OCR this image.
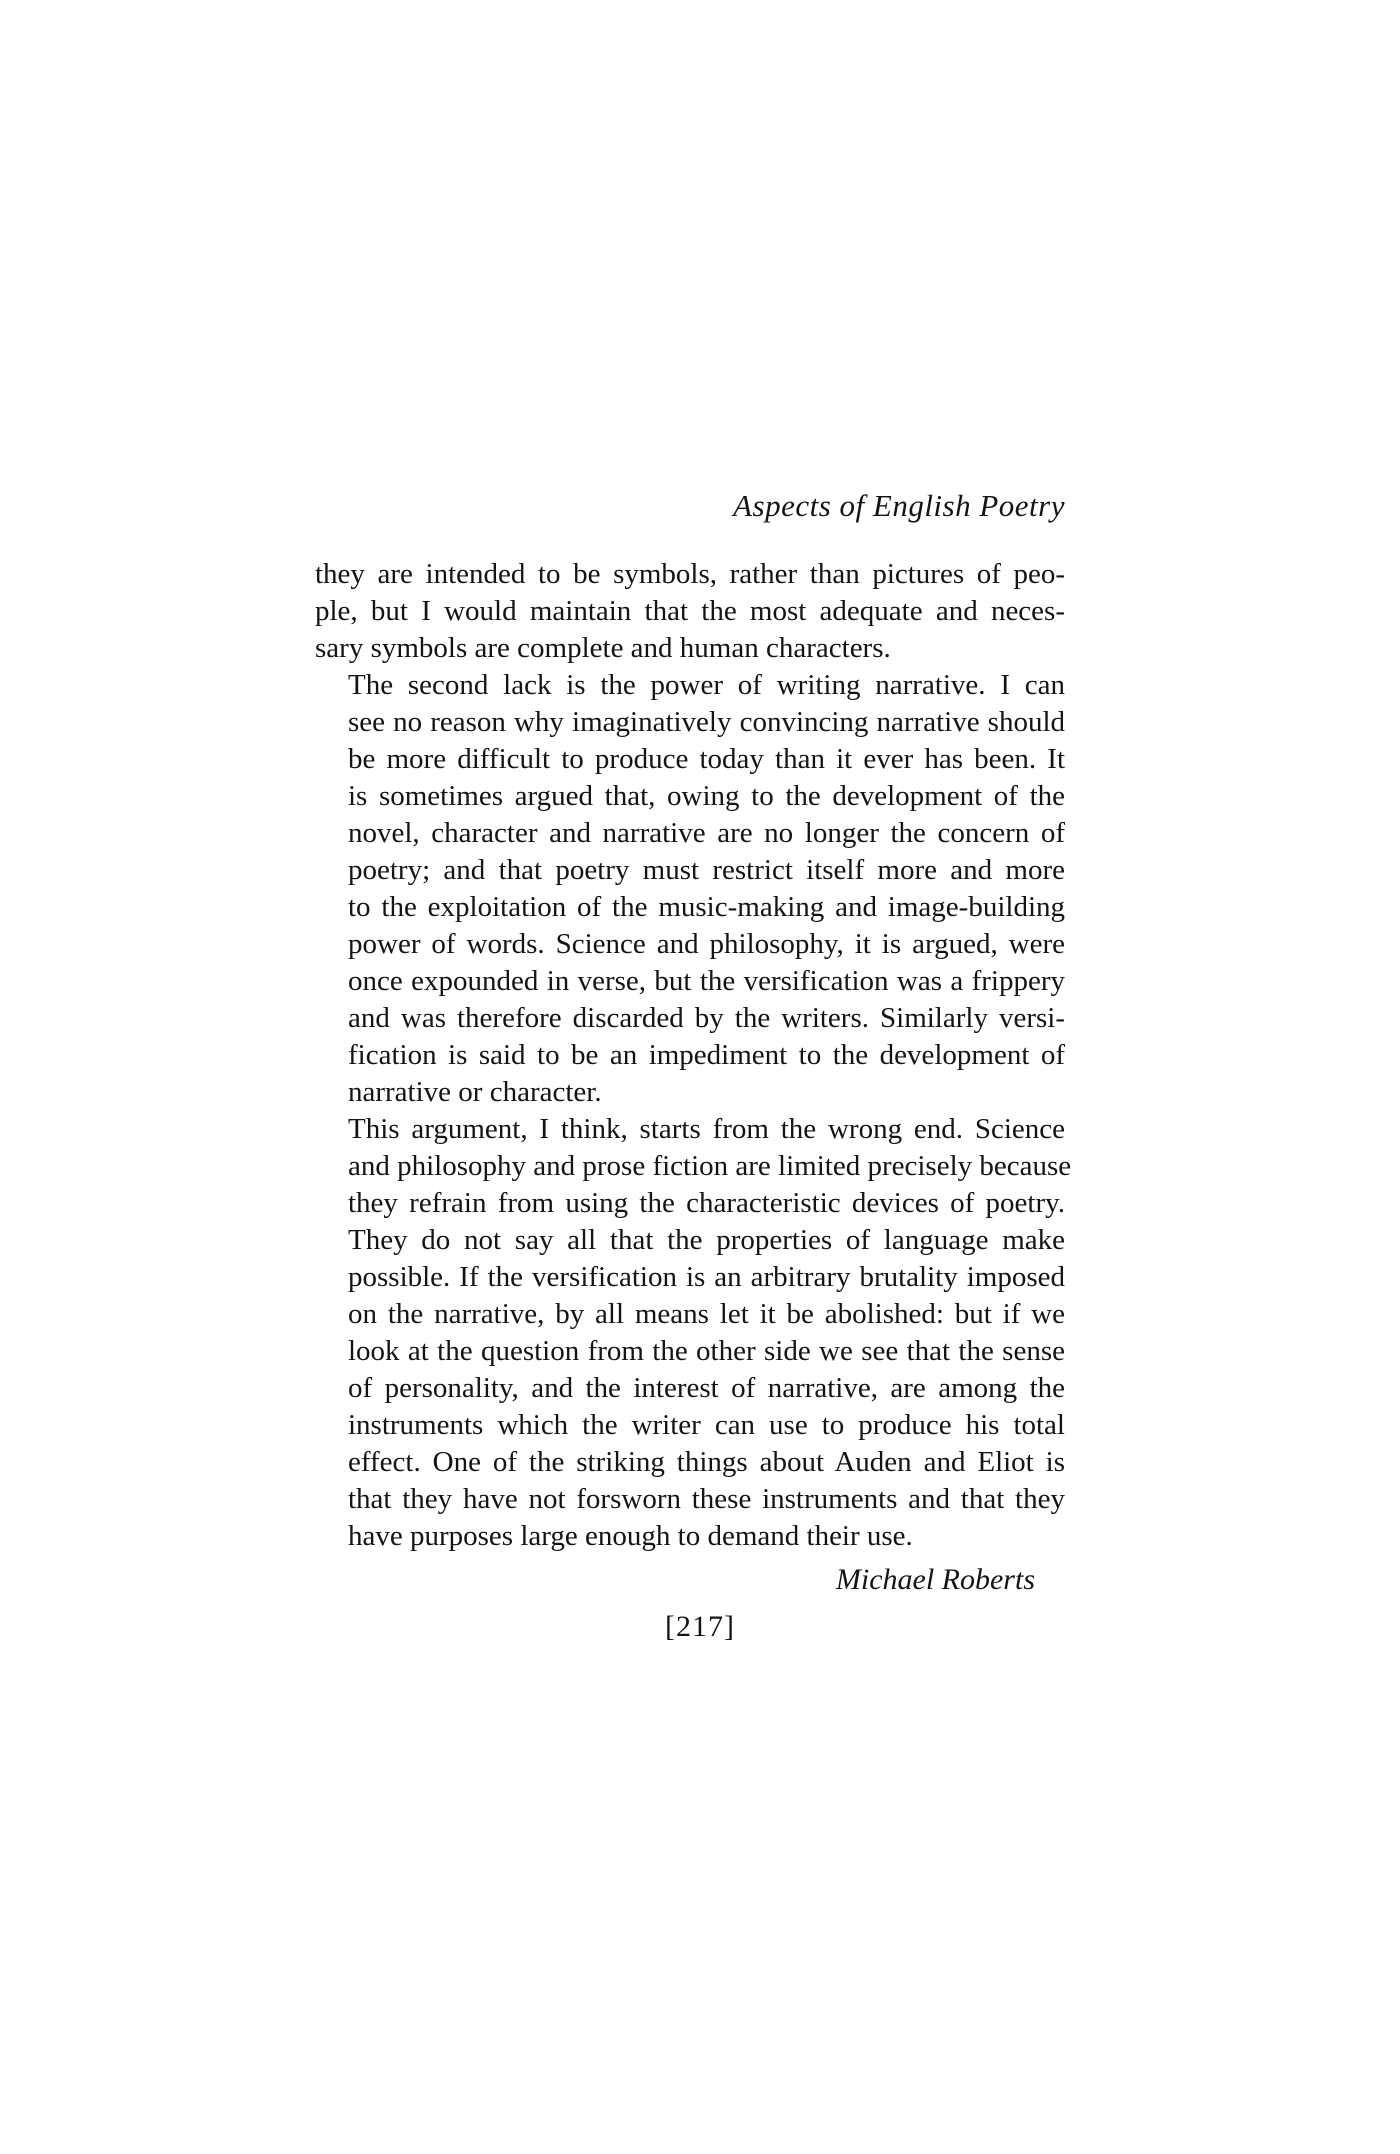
Aspects of English Poetry

they are intended to be symbols, rather than pictures of peo-
ple, but I would maintain that the most adequate and neces-
sary symbols are complete and human characters.

The second lack is the power of writing narrative. I can
see no reason why imaginatively convincing narrative should
be more difficult to produce today than it ever has been. It
is sometimes argued that, owing to the development of the
novel, character and narrative are no longer the concern of
poetry; and that poetry must restrict itself more and more
to the exploitation of the music-making and image-building
power of words. Science and philosophy, it is argued, were
once expounded in verse, but the versification was a frippery
and was therefore discarded by the writers. Similarly versi-
fication is said to be an impediment to the development of
narrative or character.

This argument, I think, starts from the wrong end. Science
and philosophy and prose fiction are limited precisely because
they refrain from using the characteristic devices of poetry.
They do not say all that the properties of language make
possible. If the versification is an arbitrary brutality imposed
on the narrative, by all means let it be abolished: but if we
look at the question from the other side we see that the sense
of personality, and the interest of narrative, are among the
instruments which the writer can use to produce his total
effect. One of the striking things about Auden and Eliot is
that they have not forsworn these instruments and that they
have purposes large enough to demand their use.

Michael Roberts
[217]
